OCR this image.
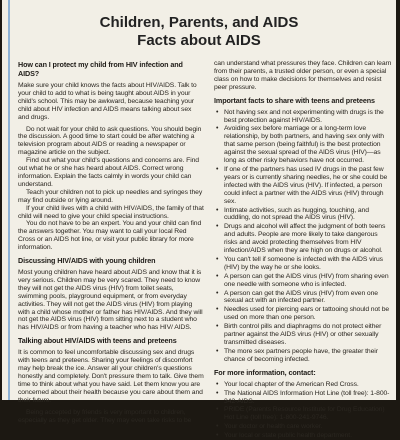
Children, Parents, and AIDS
Facts about AIDS
How can I protect my child from HIV infection and AIDS?

Make sure your child knows the facts about HIV/AIDS. Talk to your child to add to what is being taught about AIDS in your child's school. This may be awkward, because teaching your child about HIV infection and AIDS means talking about sex and drugs.

Do not wait for your child to ask questions. You should begin the discussion. A good time to start could be after watching a television program about AIDS or reading a newspaper or magazine article on the subject.

Find out what your child's questions and concerns are. Find out what he or she has heard about AIDS. Correct wrong information. Explain the facts calmly in words your child can understand.

Teach your children not to pick up needles and syringes they may find outside or lying around.

If your child lives with a child with HIV/AIDS, the family of that child will need to give your child special instructions.

You do not have to be an expert. You and your child can find the answers together. You may want to call your local Red Cross or an AIDS hot line, or visit your public library for more information.

Discussing HIV/AIDS with young children

Most young children have heard about AIDS and know that it is very serious. Children may be very scared. They need to know they will not get the AIDS virus (HIV) from toilet seats, swimming pools, playground equipment, or from everyday activities. They will not get the AIDS virus (HIV) from playing with a child whose mother or father has HIV/AIDS. And they will not get the AIDS virus (HIV) from sitting next to a student who has HIV/AIDS or from having a teacher who has HIV/ AIDS.

Talking about HIV/AIDS with teens and preteens

It is common to feel uncomfortable discussing sex and drugs with teens and preteens. Sharing your feelings of discomfort may help break the ice. Answer all your children's questions honestly and completely. Don't pressure them to talk. Give them time to think about what you have said. Let them know you are concerned about their health because you care about them and their future.

Being accepted by friends is very important to children, especially as they get older. They may even take risks to be

can understand what pressures they face. Children can learn from their parents, a trusted older person, or even a special class on how to make decisions for themselves and resist peer pressure.

Important facts to share with teens and preteens
• Not having sex and not experimenting with drugs is the best protection against HIV/AIDS.
• Avoiding sex before marriage or a long-term love relationship, by both partners, and having sex only with that same person (being faithful) is the best protection against the sexual spread of the AIDS virus (HIV)—as long as other risky behaviors have not occurred.
• If one of the partners has used IV drugs in the past few years or is currently sharing needles, he or she could be infected with the AIDS virus (HIV). If infected, a person could infect a partner with the AIDS virus (HIV) through sex.
• Intimate activities, such as hugging, touching, and cuddling, do not spread the AIDS virus (HIV).
• Drugs and alcohol will affect the judgment of both teens and adults. People are more likely to take dangerous risks and avoid protecting themselves from HIV infection/AIDS when they are high on drugs or alcohol.
• You can't tell if someone is infected with the AIDS virus (HIV) by the way he or she looks.
• A person can get the AIDS virus (HIV) from sharing even one needle with someone who is infected.
• A person can get the AIDS virus (HIV) from even one sexual act with an infected partner.
• Needles used for piercing ears or tattooing should not be used on more than one person.
• Birth control pills and diaphragms do not protect either partner against the AIDS virus (HIV) or other sexually transmitted diseases.
• The more sex partners people have, the greater their chance of becoming infected.
For more information, contact:
• Your local chapter of the American Red Cross.
• The National AIDS Information Hot Line (toll free): 1-800-342-AIDS.
• PRIDE (Parents Resource Institute for Drug Education) Hot Line (toll free): 1-800-241-9746.
• Your doctor or health care worker.
• Your local or state public health department.
